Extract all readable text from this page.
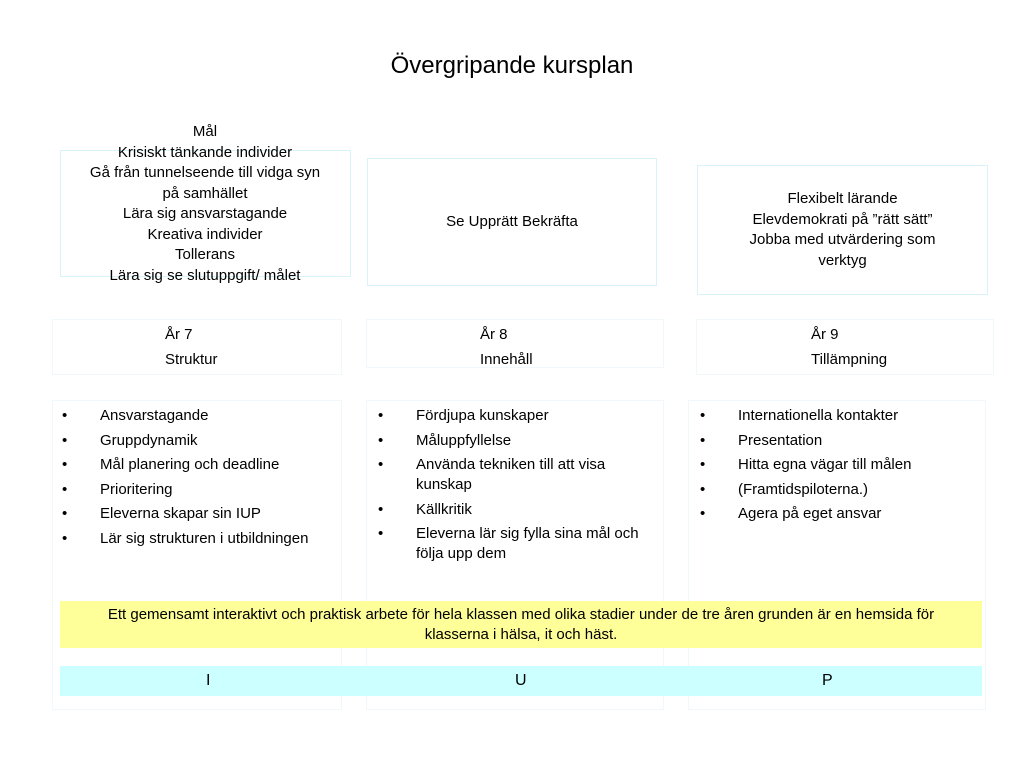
Övergripande kursplan
Mål
Krisiskt tänkande individer
Gå från tunnelseende till vidga syn
på samhället
Lära sig ansvarstagande
Kreativa individer
Tollerans
Lära sig se slutuppgift/ målet
Se Upprätt Bekräfta
Flexibelt lärande
Elevdemokrati på ”rätt sätt”
Jobba med utvärdering som
verktyg
År 7
Struktur
År 8
Innehåll
År 9
Tillämpning
• Ansvarstagande
• Gruppdynamik
• Mål planering och deadline
• Prioritering
• Eleverna skapar sin IUP
• Lär sig strukturen i utbildningen
• Fördjupa kunskaper
• Måluppfyllelse
• Använda tekniken till att visa kunskap
• Källkritik
• Eleverna lär sig fylla sina mål och följa upp dem
• Internationella kontakter
• Presentation
• Hitta egna vägar till målen
• (Framtidspiloterna.)
• Agera på eget ansvar
Ett gemensamt interaktivt och praktisk arbete för hela klassen med olika stadier under de tre åren grunden är en hemsida för klasserna i hälsa, it och häst.
I	U	P
